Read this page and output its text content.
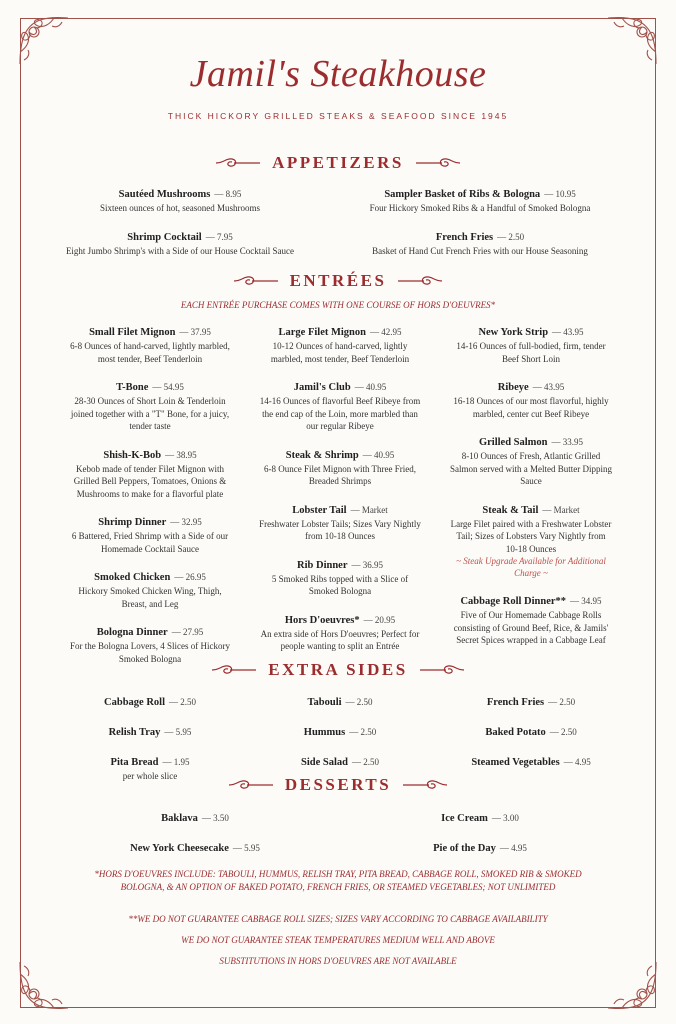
Jamil's Steakhouse
THICK HICKORY GRILLED STEAKS & SEAFOOD SINCE 1945
APPETIZERS
Sautéed Mushrooms — 8.95
Sixteen ounces of hot, seasoned Mushrooms
Shrimp Cocktail — 7.95
Eight Jumbo Shrimp's with a Side of our House Cocktail Sauce
Sampler Basket of Ribs & Bologna — 10.95
Four Hickory Smoked Ribs & a Handful of Smoked Bologna
French Fries — 2.50
Basket of Hand Cut French Fries with our House Seasoning
ENTRÉES
EACH ENTRÉE PURCHASE COMES WITH ONE COURSE OF HORS D'OEUVRES*
Small Filet Mignon — 37.95
6-8 Ounces of hand-carved, lightly marbled, most tender, Beef Tenderloin
T-Bone — 54.95
28-30 Ounces of Short Loin & Tenderloin joined together with a "T" Bone, for a juicy, tender taste
Shish-K-Bob — 38.95
Kebob made of tender Filet Mignon with Grilled Bell Peppers, Tomatoes, Onions & Mushrooms to make for a flavorful plate
Shrimp Dinner — 32.95
6 Battered, Fried Shrimp with a Side of our Homemade Cocktail Sauce
Smoked Chicken — 26.95
Hickory Smoked Chicken Wing, Thigh, Breast, and Leg
Bologna Dinner — 27.95
For the Bologna Lovers, 4 Slices of Hickory Smoked Bologna
Large Filet Mignon — 42.95
10-12 Ounces of hand-carved, lightly marbled, most tender, Beef Tenderloin
Jamil's Club — 40.95
14-16 Ounces of flavorful Beef Ribeye from the end cap of the Loin, more marbled than our regular Ribeye
Steak & Shrimp — 40.95
6-8 Ounce Filet Mignon with Three Fried, Breaded Shrimps
Lobster Tail — Market
Freshwater Lobster Tails; Sizes Vary Nightly from 10-18 Ounces
Rib Dinner — 36.95
5 Smoked Ribs topped with a Slice of Smoked Bologna
Hors D'oeuvres* — 20.95
An extra side of Hors D'oeuvres; Perfect for people wanting to split an Entrée
New York Strip — 43.95
14-16 Ounces of full-bodied, firm, tender Beef Short Loin
Ribeye — 43.95
16-18 Ounces of our most flavorful, highly marbled, center cut Beef Ribeye
Grilled Salmon — 33.95
8-10 Ounces of Fresh, Atlantic Grilled Salmon served with a Melted Butter Dipping Sauce
Steak & Tail — Market
Large Filet paired with a Freshwater Lobster Tail; Sizes of Lobsters Vary Nightly from 10-18 Ounces
~ Steak Upgrade Available for Additional Charge ~
Cabbage Roll Dinner** — 34.95
Five of Our Homemade Cabbage Rolls consisting of Ground Beef, Rice, & Jamils' Secret Spices wrapped in a Cabbage Leaf
EXTRA SIDES
Cabbage Roll — 2.50
Relish Tray — 5.95
Pita Bread — 1.95
per whole slice
Tabouli — 2.50
Hummus — 2.50
Side Salad — 2.50
French Fries — 2.50
Baked Potato — 2.50
Steamed Vegetables — 4.95
DESSERTS
Baklava — 3.50
New York Cheesecake — 5.95
Ice Cream — 3.00
Pie of the Day — 4.95
*HORS D'OEUVRES INCLUDE: TABOULI, HUMMUS, RELISH TRAY, PITA BREAD, CABBAGE ROLL, SMOKED RIB & SMOKED BOLOGNA, & AN OPTION OF BAKED POTATO, FRENCH FRIES, OR STEAMED VEGETABLES; NOT UNLIMITED
**WE DO NOT GUARANTEE CABBAGE ROLL SIZES; SIZES VARY ACCORDING TO CABBAGE AVAILABILITY
WE DO NOT GUARANTEE STEAK TEMPERATURES MEDIUM WELL AND ABOVE
SUBSTITUTIONS IN HORS D'OEUVRES ARE NOT AVAILABLE
